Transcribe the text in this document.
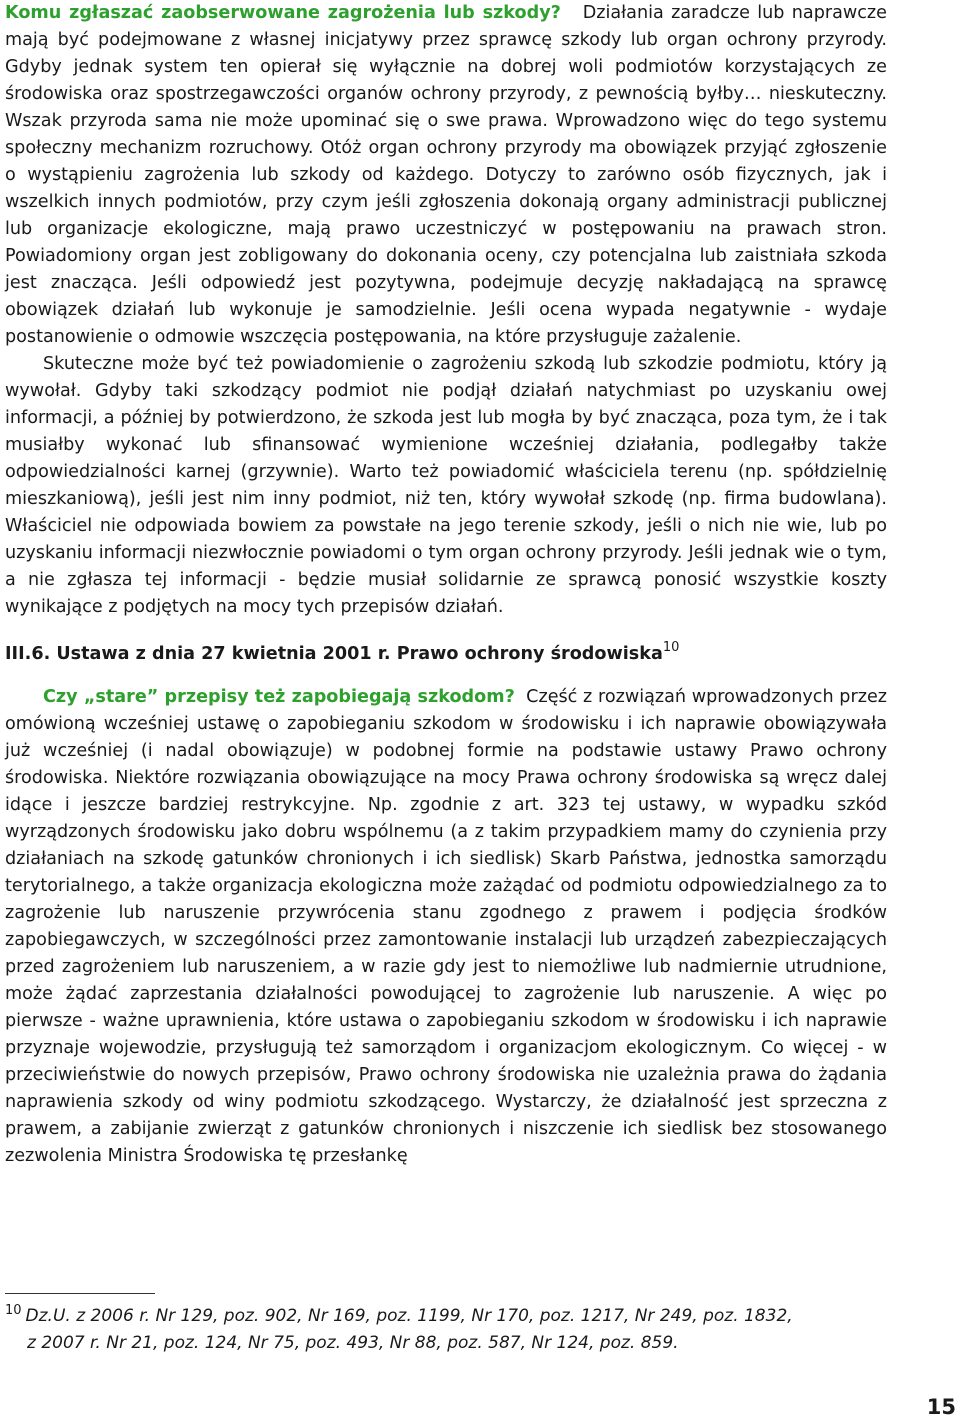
Komu zgłaszać zaobserwowane zagrożenia lub szkody? Działania zaradcze lub naprawcze mają być podejmowane z własnej inicjatywy przez sprawcę szkody lub organ ochrony przyrody. Gdyby jednak system ten opierał się wyłącznie na dobrej woli podmiotów korzystających ze środowiska oraz spostrzegawczości organów ochrony przyrody, z pewnością byłby… nieskuteczny. Wszak przyroda sama nie może upominać się o swe prawa. Wprowadzono więc do tego systemu społeczny mechanizm rozruchowy. Otóż organ ochrony przyrody ma obowiązek przyjąć zgłoszenie o wystąpieniu zagrożenia lub szkody od każdego. Dotyczy to zarówno osób fizycznych, jak i wszelkich innych podmiotów, przy czym jeśli zgłoszenia dokonają organy administracji publicznej lub organizacje ekologiczne, mają prawo uczestniczyć w postępowaniu na prawach stron. Powiadomiony organ jest zobligowany do dokonania oceny, czy potencjalna lub zaistniała szkoda jest znacząca. Jeśli odpowiedź jest pozytywna, podejmuje decyzję nakładającą na sprawcę obowiązek działań lub wykonuje je samodzielnie. Jeśli ocena wypada negatywnie - wydaje postanowienie o odmowie wszczęcia postępowania, na które przysługuje zażalenie.

Skuteczne może być też powiadomienie o zagrożeniu szkodą lub szkodzie podmiotu, który ją wywołał. Gdyby taki szkodzący podmiot nie podjął działań natychmiast po uzyskaniu owej informacji, a później by potwierdzono, że szkoda jest lub mogła by być znacząca, poza tym, że i tak musiałby wykonać lub sfinansować wymienione wcześniej działania, podlegałby także odpowiedzialności karnej (grzywnie). Warto też powiadomić właściciela terenu (np. spółdzielnię mieszkaniową), jeśli jest nim inny podmiot, niż ten, który wywołał szkodę (np. firma budowlana). Właściciel nie odpowiada bowiem za powstałe na jego terenie szkody, jeśli o nich nie wie, lub po uzyskaniu informacji niezwłocznie powiadomi o tym organ ochrony przyrody. Jeśli jednak wie o tym, a nie zgłasza tej informacji - będzie musiał solidarnie ze sprawcą ponosić wszystkie koszty wynikające z podjętych na mocy tych przepisów działań.

III.6. Ustawa z dnia 27 kwietnia 2001 r. Prawo ochrony środowiska$^{10}$

Czy „stare” przepisy też zapobiegają szkodom? Część z rozwiązań wprowadzonych przez omówioną wcześniej ustawę o zapobieganiu szkodom w środowisku i ich naprawie obowiązywała już wcześniej (i nadal obowiązuje) w podobnej formie na podstawie ustawy Prawo ochrony środowiska. Niektóre rozwiązania obowiązujące na mocy Prawa ochrony środowiska są wręcz dalej idące i jeszcze bardziej restrykcyjne. Np. zgodnie z art. 323 tej ustawy, w wypadku szkód wyrządzonych środowisku jako dobru wspólnemu (a z takim przypadkiem mamy do czynienia przy działaniach na szkodę gatunków chronionych i ich siedlisk) Skarb Państwa, jednostka samorządu terytorialnego, a także organizacja ekologiczna może zażądać od podmiotu odpowiedzialnego za to zagrożenie lub naruszenie przywrócenia stanu zgodnego z prawem i podjęcia środków zapobiegawczych, w szczególności przez zamontowanie instalacji lub urządzeń zabezpieczających przed zagrożeniem lub naruszeniem, a w razie gdy jest to niemożliwe lub nadmiernie utrudnione, może żądać zaprzestania działalności powodującej to zagrożenie lub naruszenie. A więc po pierwsze - ważne uprawnienia, które ustawa o zapobieganiu szkodom w środowisku i ich naprawie przyznaje wojewodzie, przysługują też samorządom i organizacjom ekologicznym. Co więcej - w przeciwieństwie do nowych przepisów, Prawo ochrony środowiska nie uzależnia prawa do żądania naprawienia szkody od winy podmiotu szkodzącego. Wystarczy, że działalność jest sprzeczna z prawem, a zabijanie zwierząt z gatunków chronionych i niszczenie ich siedlisk bez stosowanego zezwolenia Ministra Środowiska tę przesłankę

$^{10}$ Dz.U. z 2006 r. Nr 129, poz. 902, Nr 169, poz. 1199, Nr 170, poz. 1217, Nr 249, poz. 1832,
z 2007 r. Nr 21, poz. 124, Nr 75, poz. 493, Nr 88, poz. 587, Nr 124, poz. 859.
15
